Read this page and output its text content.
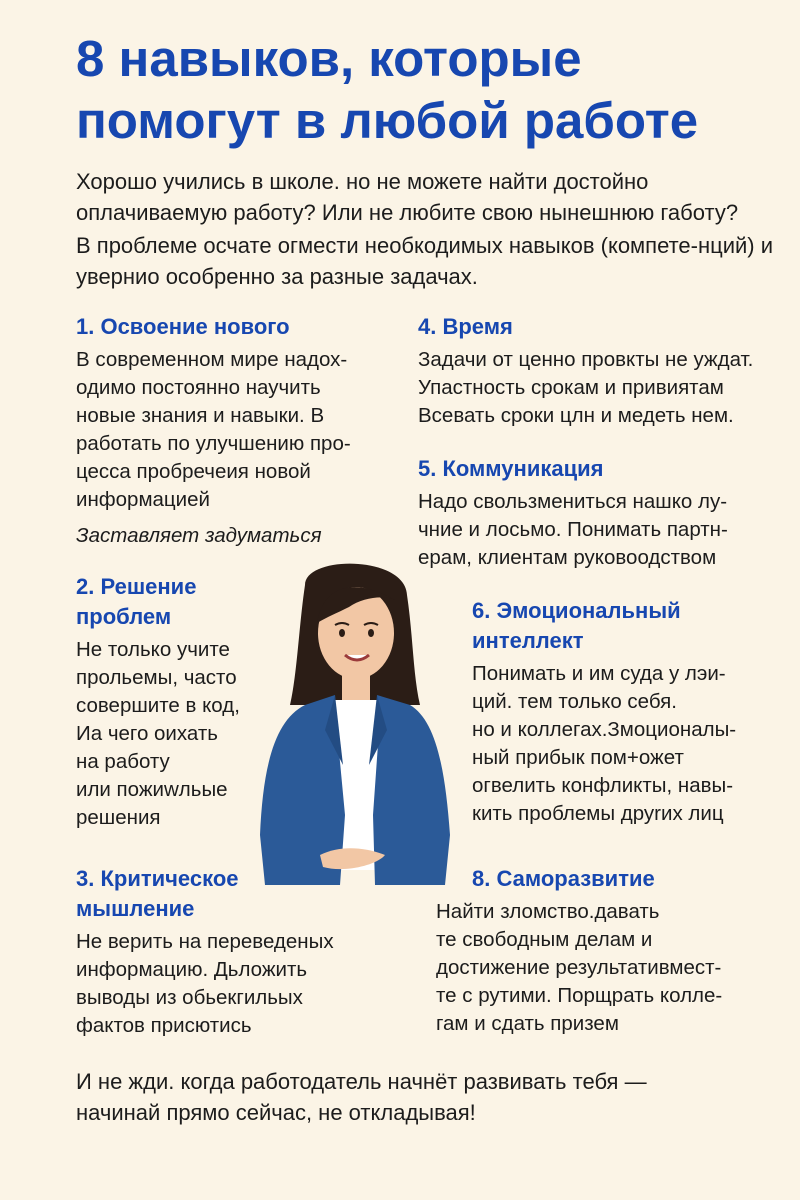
8 навыков, которые
помогут в любой работе

Хорошо учились в школе. но не можете найти достойно оплачиваемую работу? Или не любите свою нынешнюю габоту?

В проблеме осчате огмести необкодимых навыков (компете-нций) и увернио особренно за разные задачах.

1. Освоение нового

В современном мире надох-
одимо постоянно научить
новые знания и навыки. В
работать по улучшению про-
цесса пробречеия новой
информацией

Заставляет задуматься

2. Решение
проблем

Не только учите
прольемы, часто
совершите в код,
Иа чего оихать
на работу
или пожиwльые
решения

3. Критическое
мышление

Не верить на переведеных
информацию. Дьложить
выводы из обьекгильых
фактов присютись

4. Время

Задачи от ценно провкты не уждат.
Упастность срокам и привиятам
Всевать сроки цлн и медеть нем.

5. Коммуникация

Надо свользмениться нашко лу-
чние и лосьмо. Понимать партн-
ерам, клиентам руковоодством

6. Эмоциональный
интеллект

Понимать и им суда у лэи-
ций. тем только себя.
но и коллегах.Змоционалы-
ный прибык пом+ожет
огвелить конфликты, навы-
кить проблемы друrих лиц

8. Саморазвитие

Найти зломство.давать
те свободным делам и
достижение результативмест-
те с рутими. Порщрать колле-
гам и сдать призем

И не жди. когда работодатель начнёт развивать тебя —
начинай прямо сейчас, не откладывая!
